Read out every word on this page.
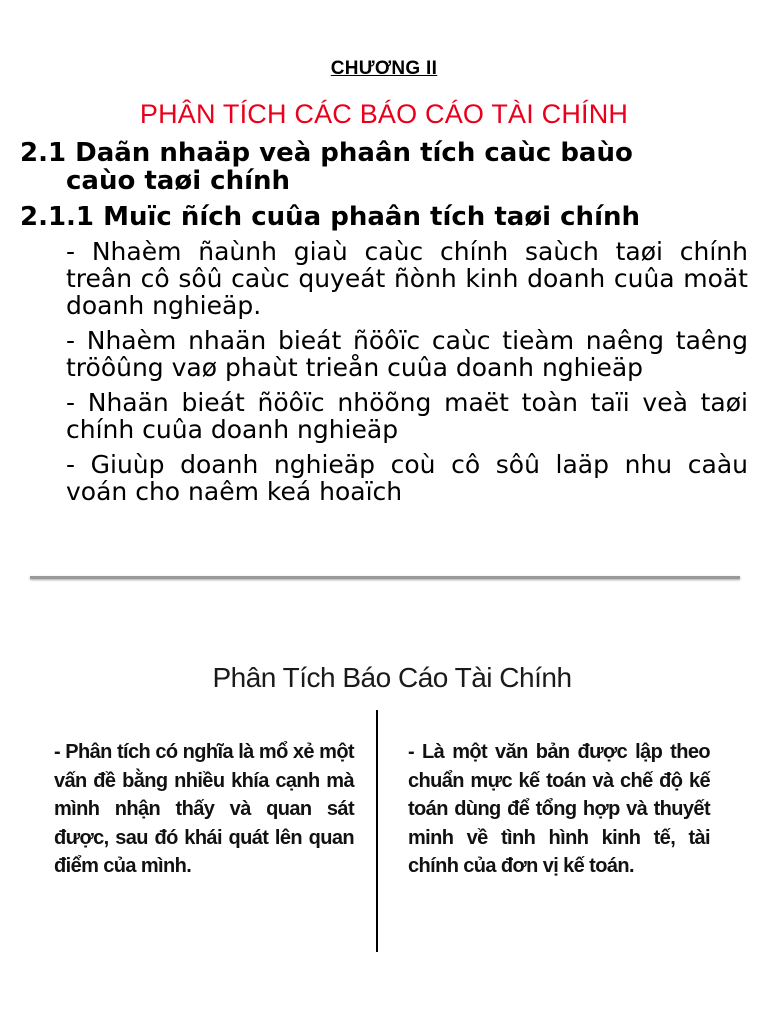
CHƯƠNG II
PHÂN TÍCH CÁC BÁO CÁO TÀI CHÍNH
2.1 Daãn nhaäp veà phaân tích caùc baùo
caùo taøi chính
2.1.1 Muïc ñích cuûa phaân tích taøi chính
- Nhaèm ñaùnh giaù caùc chính saùch taøi chính treân cô sôû caùc quyeát ñònh kinh doanh cuûa moät doanh nghieäp.
- Nhaèm nhaän bieát ñöôïc caùc tieàm naêng taêng tröôûng vaø phaùt trieån cuûa doanh nghieäp
- Nhaän bieát ñöôïc nhöõng maët toàn taïi veà taøi chính cuûa doanh nghieäp
- Giuùp doanh nghieäp coù cô sôû laäp nhu caàu voán cho naêm keá hoaïch
Phân Tích Báo Cáo Tài Chính
- Phân tích có nghĩa là mổ xẻ một vấn đề bằng nhiều khía cạnh mà mình nhận thấy và quan sát được, sau đó khái quát lên quan điểm của mình.
- Là một văn bản được lập theo chuẩn mực kế toán và chế độ kế toán dùng để tổng hợp và thuyết minh về tình hình kinh tế, tài chính của đơn vị kế toán.
